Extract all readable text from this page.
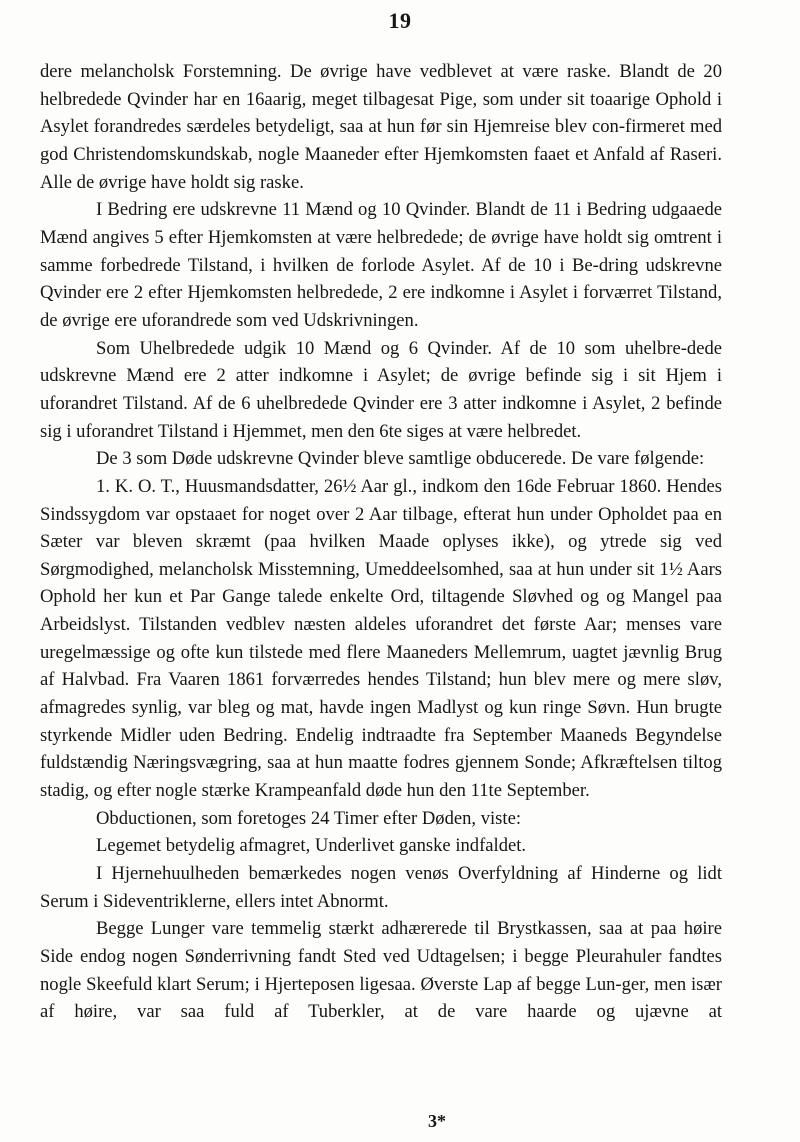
19

dere melancholsk Forstemning. De øvrige have vedblevet at være raske. Blandt de 20 helbredede Qvinder har en 16aarig, meget tilbagesat Pige, som under sit toaarige Ophold i Asylet forandredes særdeles betydeligt, saa at hun før sin Hjemreise blev con-firmeret med god Christendomskundskab, nogle Maaneder efter Hjemkomsten faaet et Anfald af Raseri. Alle de øvrige have holdt sig raske.

I Bedring ere udskrevne 11 Mænd og 10 Qvinder. Blandt de 11 i Bedring udgaaede Mænd angives 5 efter Hjemkomsten at være helbredede; de øvrige have holdt sig omtrent i samme forbedrede Tilstand, i hvilken de forlode Asylet. Af de 10 i Be-dring udskrevne Qvinder ere 2 efter Hjemkomsten helbredede, 2 ere indkomne i Asylet i forværret Tilstand, de øvrige ere uforandrede som ved Udskrivningen.

Som Uhelbredede udgik 10 Mænd og 6 Qvinder. Af de 10 som uhelbre-dede udskrevne Mænd ere 2 atter indkomne i Asylet; de øvrige befinde sig i sit Hjem i uforandret Tilstand. Af de 6 uhelbredede Qvinder ere 3 atter indkomne i Asylet, 2 befinde sig i uforandret Tilstand i Hjemmet, men den 6te siges at være helbredet.

De 3 som Døde udskrevne Qvinder bleve samtlige obducerede. De vare følgende:

1. K. O. T., Huusmandsdatter, 26½ Aar gl., indkom den 16de Februar 1860. Hendes Sindssygdom var opstaaet for noget over 2 Aar tilbage, efterat hun under Opholdet paa en Sæter var bleven skræmt (paa hvilken Maade oplyses ikke), og ytrede sig ved Sørgmodighed, melancholsk Misstemning, Umeddeelsomhed, saa at hun under sit 1½ Aars Ophold her kun et Par Gange talede enkelte Ord, tiltagende Sløvhed og og Mangel paa Arbeidslyst. Tilstanden vedblev næsten aldeles uforandret det første Aar; menses vare uregelmæssige og ofte kun tilstede med flere Maaneders Mellemrum, uagtet jævnlig Brug af Halvbad. Fra Vaaren 1861 forværredes hendes Tilstand; hun blev mere og mere sløv, afmagredes synlig, var bleg og mat, havde ingen Madlyst og kun ringe Søvn. Hun brugte styrkende Midler uden Bedring. Endelig indtraadte fra September Maaneds Begyndelse fuldstændig Næringsvægring, saa at hun maatte fodres gjennem Sonde; Afkræftelsen tiltog stadig, og efter nogle stærke Krampeanfald døde hun den 11te September.

Obductionen, som foretoges 24 Timer efter Døden, viste:

Legemet betydelig afmagret, Underlivet ganske indfaldet.

I Hjernehuulheden bemærkedes nogen venøs Overfyldning af Hinderne og lidt Serum i Sideventriklerne, ellers intet Abnormt.

Begge Lunger vare temmelig stærkt adhærerede til Brystkassen, saa at paa høire Side endog nogen Sønderrivning fandt Sted ved Udtagelsen; i begge Pleurahuler fandtes nogle Skeefuld klart Serum; i Hjerteposen ligesaa. Øverste Lap af begge Lun-ger, men især af høire, var saa fuld af Tuberkler, at de vare haarde og ujævne at

3*
